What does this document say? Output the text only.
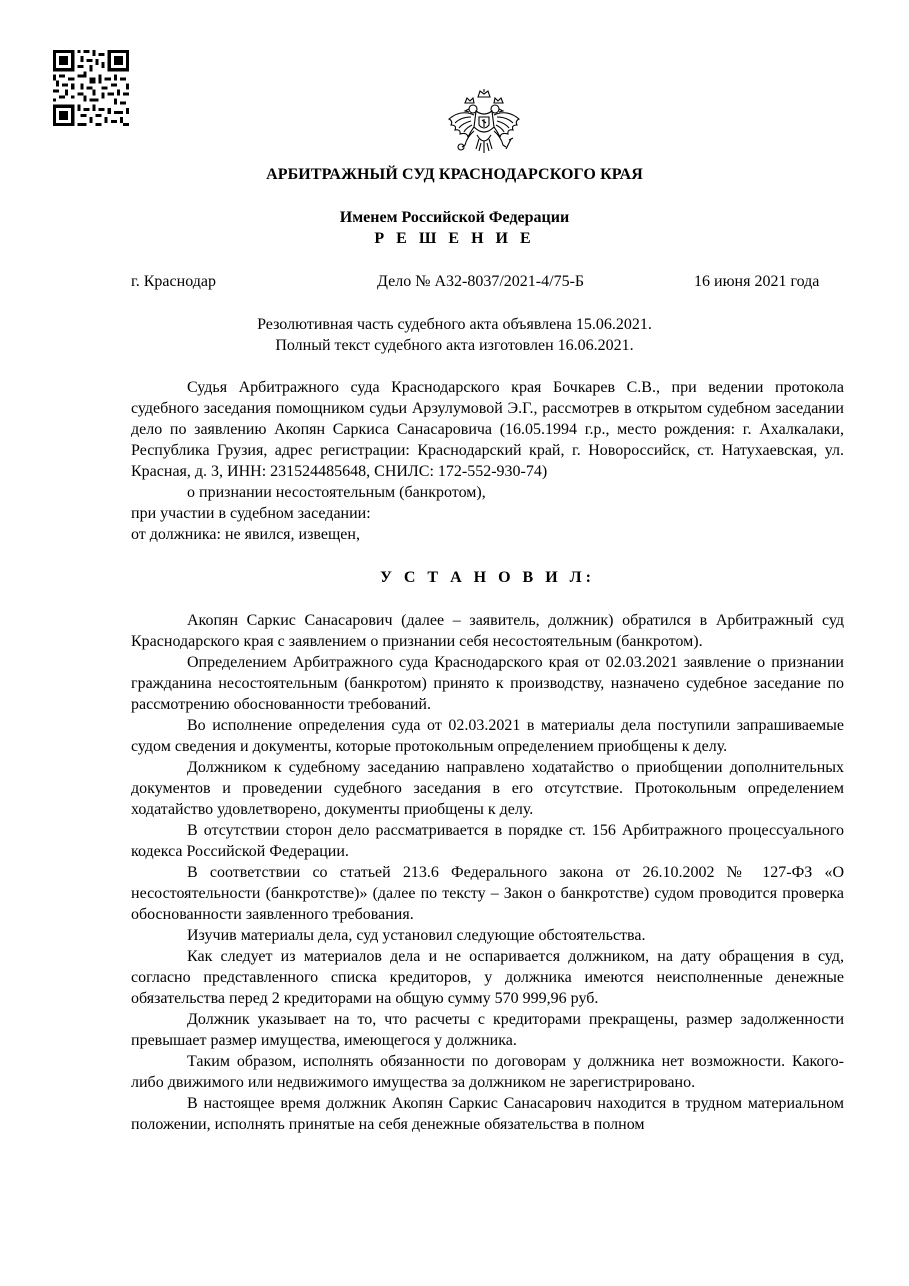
АРБИТРАЖНЫЙ СУД КРАСНОДАРСКОГО КРАЯ
Именем Российской Федерации
Р Е Ш Е Н И Е
г. Краснодар	Дело № А32-8037/2021-4/75-Б	16 июня 2021 года
Резолютивная часть судебного акта объявлена 15.06.2021.
Полный текст судебного акта изготовлен 16.06.2021.

Судья Арбитражного суда Краснодарского края Бочкарев С.В., при ведении протокола судебного заседания помощником судьи Арзулумовой Э.Г., рассмотрев в открытом судебном заседании дело по заявлению Акопян Саркиса Санасаровича (16.05.1994 г.р., место рождения: г. Ахалкалаки, Республика Грузия, адрес регистрации: Краснодарский край, г. Новороссийск, ст. Натухаевская, ул. Красная, д. 3, ИНН: 231524485648, СНИЛС: 172-552-930-74)

о признании несостоятельным (банкротом),

при участии в судебном заседании:

от должника: не явился, извещен,

У С Т А Н О В И Л:

Акопян Саркис Санасарович (далее – заявитель, должник) обратился в Арбитражный суд Краснодарского края с заявлением о признании себя несостоятельным (банкротом).

Определением Арбитражного суда Краснодарского края от 02.03.2021 заявление о признании гражданина несостоятельным (банкротом) принято к производству, назначено судебное заседание по рассмотрению обоснованности требований.

Во исполнение определения суда от 02.03.2021 в материалы дела поступили запрашиваемые судом сведения и документы, которые протокольным определением приобщены к делу.

Должником к судебному заседанию направлено ходатайство о приобщении дополнительных документов и проведении судебного заседания в его отсутствие. Протокольным определением ходатайство удовлетворено, документы приобщены к делу.

В отсутствии сторон дело рассматривается в порядке ст. 156 Арбитражного процессуального кодекса Российской Федерации.

В соответствии со статьей 213.6 Федерального закона от 26.10.2002 № 127-ФЗ «О несостоятельности (банкротстве)» (далее по тексту – Закон о банкротстве) судом проводится проверка обоснованности заявленного требования.

Изучив материалы дела, суд установил следующие обстоятельства.

Как следует из материалов дела и не оспаривается должником, на дату обращения в суд, согласно представленного списка кредиторов, у должника имеются неисполненные денежные обязательства перед 2 кредиторами на общую сумму 570 999,96 руб.

Должник указывает на то, что расчеты с кредиторами прекращены, размер задолженности превышает размер имущества, имеющегося у должника.

Таким образом, исполнять обязанности по договорам у должника нет возможности. Какого-либо движимого или недвижимого имущества за должником не зарегистрировано.

В настоящее время должник Акопян Саркис Санасарович находится в трудном материальном положении, исполнять принятые на себя денежные обязательства в полном
